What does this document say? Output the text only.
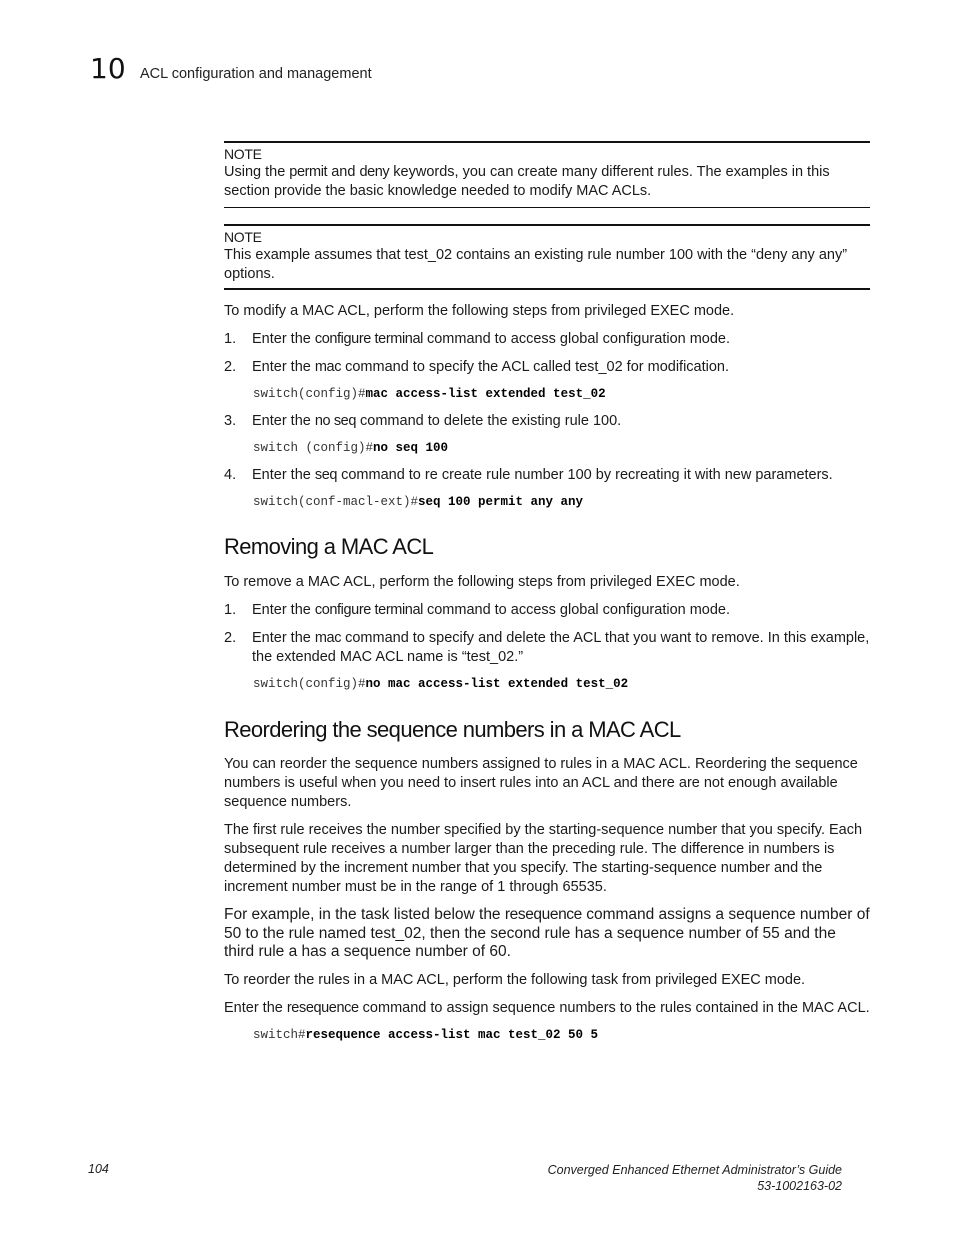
10 ACL configuration and management
NOTE

Using the permit and deny keywords, you can create many different rules. The examples in this section provide the basic knowledge needed to modify MAC ACLs.

NOTE

This example assumes that test_02 contains an existing rule number 100 with the “deny any any” options.

To modify a MAC ACL, perform the following steps from privileged EXEC mode.

1. Enter the configure terminal command to access global configuration mode.
2. Enter the mac command to specify the ACL called test_02 for modification.
switch(config)#mac access-list extended test_02
3. Enter the no seq command to delete the existing rule 100.
switch (config)#no seq 100
4. Enter the seq command to re create rule number 100 by recreating it with new parameters.
switch(conf-macl-ext)#seq 100 permit any any
Removing a MAC ACL

To remove a MAC ACL, perform the following steps from privileged EXEC mode.

1. Enter the configure terminal command to access global configuration mode.
2. Enter the mac command to specify and delete the ACL that you want to remove. In this example, the extended MAC ACL name is “test_02.”
switch(config)#no mac access-list extended test_02
Reordering the sequence numbers in a MAC ACL

You can reorder the sequence numbers assigned to rules in a MAC ACL. Reordering the sequence numbers is useful when you need to insert rules into an ACL and there are not enough available sequence numbers.

The first rule receives the number specified by the starting-sequence number that you specify. Each subsequent rule receives a number larger than the preceding rule. The difference in numbers is determined by the increment number that you specify. The starting-sequence number and the increment number must be in the range of 1 through 65535.

For example, in the task listed below the resequence command assigns a sequence number of 50 to the rule named test_02, then the second rule has a sequence number of 55 and the third rule a has a sequence number of 60.

To reorder the rules in a MAC ACL, perform the following task from privileged EXEC mode.

Enter the resequence command to assign sequence numbers to the rules contained in the MAC ACL.

switch#resequence access-list mac test_02 50 5
104	Converged Enhanced Ethernet Administrator’s Guide
53-1002163-02
